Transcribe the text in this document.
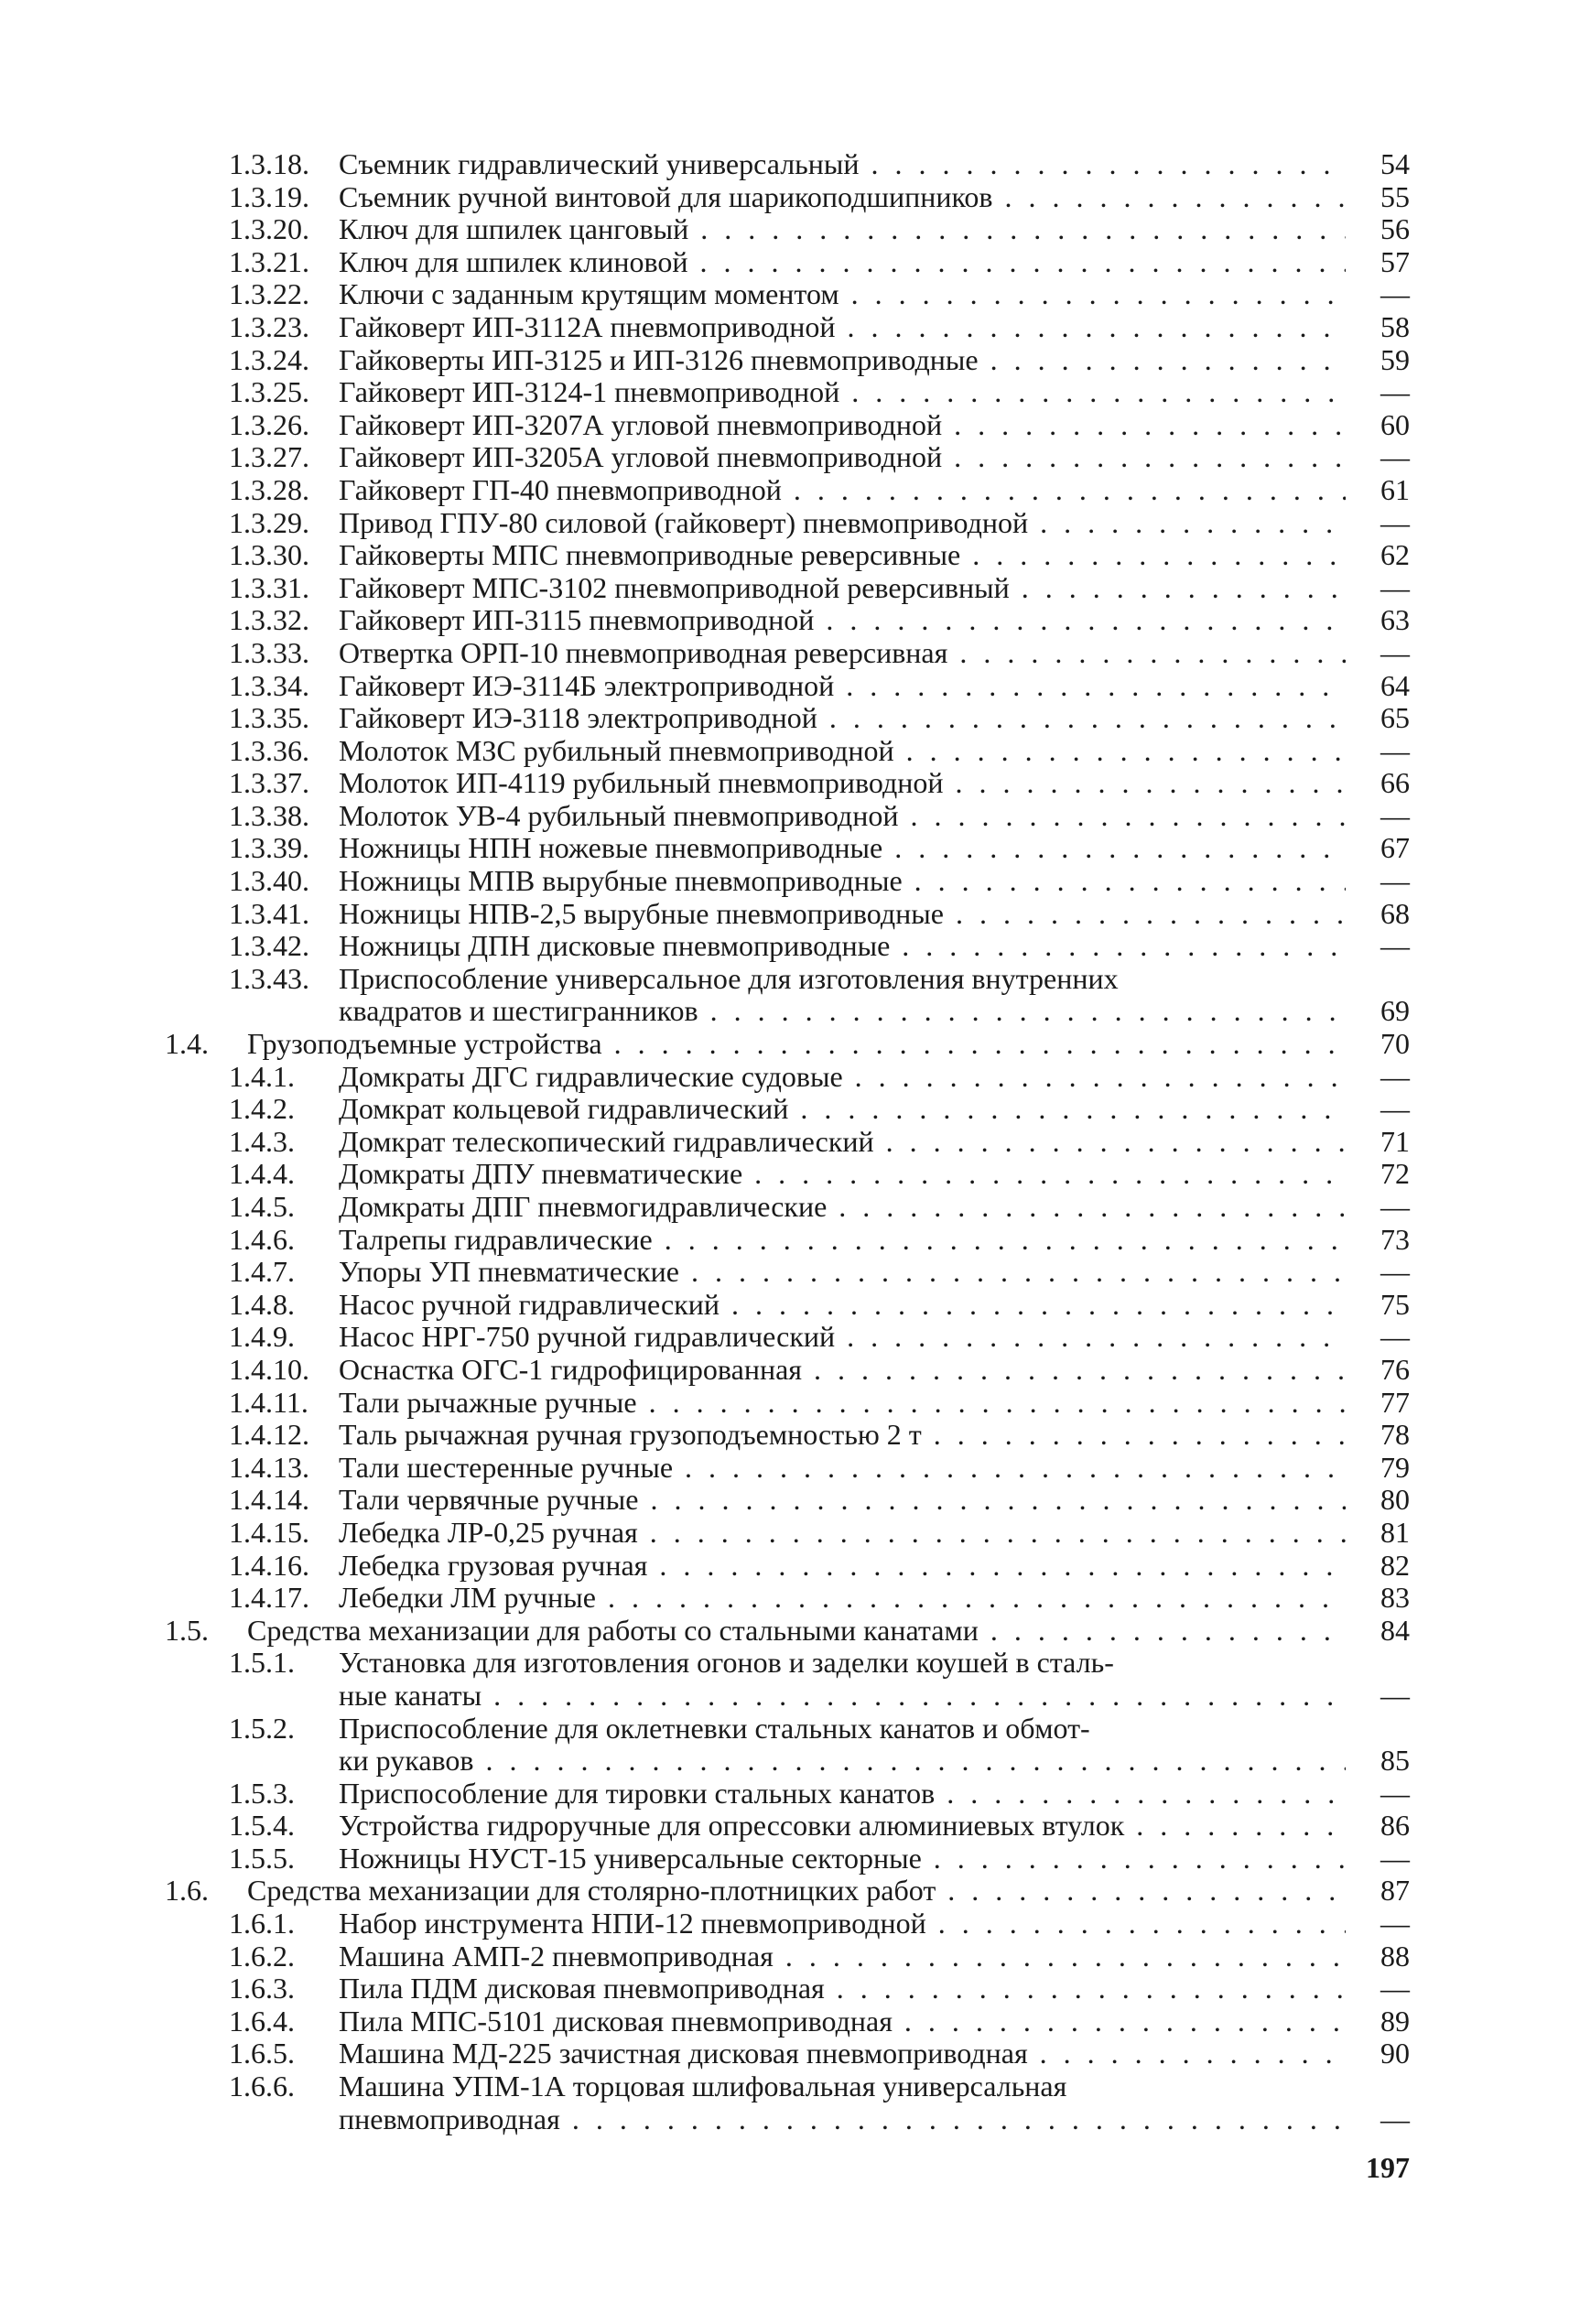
1.3.18. Съемник гидравлический универсальный . . .	54
1.3.19. Съемник ручной винтовой для шарикоподшипников . . .	55
1.3.20. Ключ для шпилек цанговый . . .	56
1.3.21. Ключ для шпилек клиновой . . .	57
1.3.22. Ключи с заданным крутящим моментом . . .	—
1.3.23. Гайковерт ИП-3112А пневмоприводной . . .	58
1.3.24. Гайковерты ИП-3125 и ИП-3126 пневмоприводные . . .	59
1.3.25. Гайковерт ИП-3124-1 пневмоприводной . . .	—
1.3.26. Гайковерт ИП-3207А угловой пневмоприводной . . .	60
1.3.27. Гайковерт ИП-3205А угловой пневмоприводной . . .	—
1.3.28. Гайковерт ГП-40 пневмоприводной . . .	61
1.3.29. Привод ГПУ-80 силовой (гайковерт) пневмоприводной . . .	—
1.3.30. Гайковерты МПС пневмоприводные реверсивные . . .	62
1.3.31. Гайковерт МПС-3102 пневмоприводной реверсивный . . .	—
1.3.32. Гайковерт ИП-3115 пневмоприводной . . .	63
1.3.33. Отвертка ОРП-10 пневмоприводная реверсивная . . .	—
1.3.34. Гайковерт ИЭ-3114Б электроприводной . . .	64
1.3.35. Гайковерт ИЭ-3118 электроприводной . . .	65
1.3.36. Молоток МЗС рубильный пневмоприводной . . .	—
1.3.37. Молоток ИП-4119 рубильный пневмоприводной . . .	66
1.3.38. Молоток УВ-4 рубильный пневмоприводной . . .	—
1.3.39. Ножницы НПН ножевые пневмоприводные . . .	67
1.3.40. Ножницы МПВ вырубные пневмоприводные . . .	—
1.3.41. Ножницы НПВ-2,5 вырубные пневмоприводные . . .	68
1.3.42. Ножницы ДПН дисковые пневмоприводные . . .	—
1.3.43. Приспособление универсальное для изготовления внутренних
квадратов и шестигранников . . .	69
1.4. Грузоподъемные устройства . . .	70
1.4.1. Домкраты ДГС гидравлические судовые . . .	—
1.4.2. Домкрат кольцевой гидравлический . . .	—
1.4.3. Домкрат телескопический гидравлический . . .	71
1.4.4. Домкраты ДПУ пневматические . . .	72
1.4.5. Домкраты ДПГ пневмогидравлические . . .	—
1.4.6. Талрепы гидравлические . . .	73
1.4.7. Упоры УП пневматические . . .	—
1.4.8. Насос ручной гидравлический . . .	75
1.4.9. Насос НРГ-750 ручной гидравлический . . .	—
1.4.10. Оснастка ОГС-1 гидрофицированная . . .	76
1.4.11. Тали рычажные ручные . . .	77
1.4.12. Таль рычажная ручная грузоподъемностью 2 т . . .	78
1.4.13. Тали шестеренные ручные . . .	79
1.4.14. Тали червячные ручные . . .	80
1.4.15. Лебедка ЛР-0,25 ручная . . .	81
1.4.16. Лебедка грузовая ручная . . .	82
1.4.17. Лебедки ЛМ ручные . . .	83
1.5. Средства механизации для работы со стальными канатами . . .	84
1.5.1. Установка для изготовления огонов и заделки коушей в сталь-
ные канаты . . .	—
1.5.2. Приспособление для оклетневки стальных канатов и обмот-
ки рукавов . . .	85
1.5.3. Приспособление для тировки стальных канатов . . .	—
1.5.4. Устройства гидроручные для опрессовки алюминиевых втулок . . .	86
1.5.5. Ножницы НУСТ-15 универсальные секторные . . .	—
1.6. Средства механизации для столярно-плотницких работ . . .	87
1.6.1. Набор инструмента НПИ-12 пневмоприводной . . .	—
1.6.2. Машина АМП-2 пневмоприводная . . .	88
1.6.3. Пила ПДМ дисковая пневмоприводная . . .	—
1.6.4. Пила МПС-5101 дисковая пневмоприводная . . .	89
1.6.5. Машина МД-225 зачистная дисковая пневмоприводная . . .	90
1.6.6. Машина УПМ-1А торцовая шлифовальная универсальная
пневмоприводная . . .	—
197
